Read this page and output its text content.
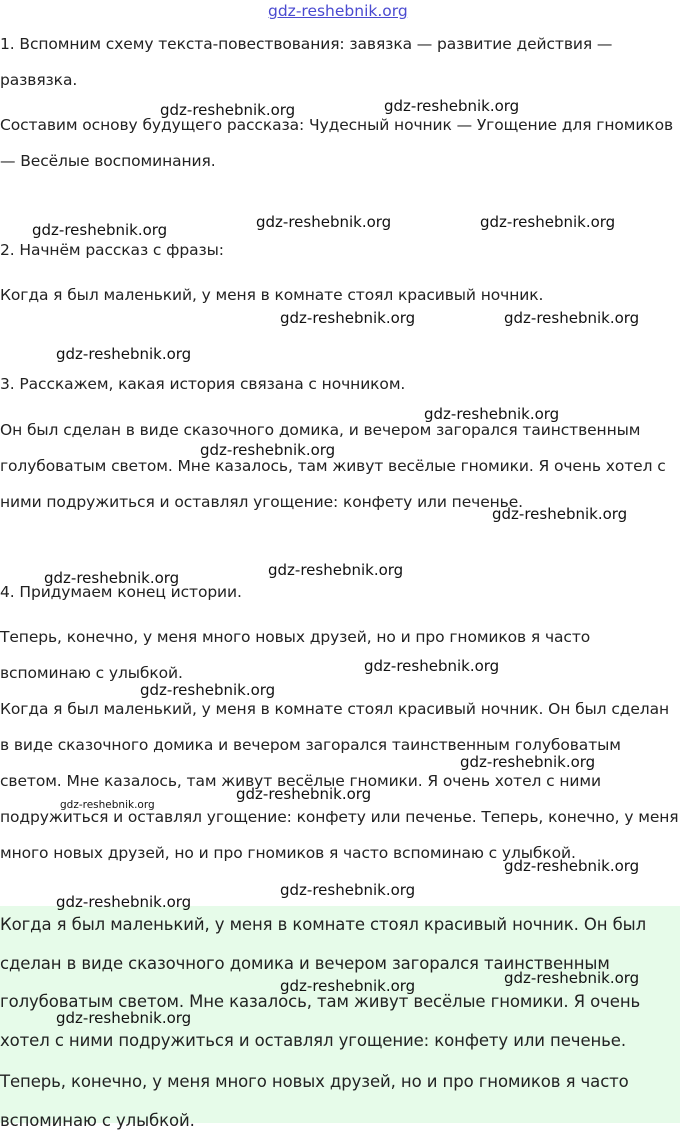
gdz-reshebnik.org

1. Вспомним схему текста-повествования: завязка — развитие действия — развязка.

Составим основу будущего рассказа: Чудесный ночник — Угощение для гномиков — Весёлые воспоминания.

2. Начнём рассказ с фразы:

Когда я был маленький, у меня в комнате стоял красивый ночник.

3. Расскажем, какая история связана с ночником.

Он был сделан в виде сказочного домика, и вечером загорался таинственным голубоватым светом. Мне казалось, там живут весёлые гномики. Я очень хотел с ними подружиться и оставлял угощение: конфету или печенье.

4. Придумаем конец истории.

Теперь, конечно, у меня много новых друзей, но и про гномиков я часто вспоминаю с улыбкой.

Когда я был маленький, у меня в комнате стоял красивый ночник. Он был сделан в виде сказочного домика и вечером загорался таинственным голубоватым светом. Мне казалось, там живут весёлые гномики. Я очень хотел с ними подружиться и оставлял угощение: конфету или печенье. Теперь, конечно, у меня много новых друзей, но и про гномиков я часто вспоминаю с улыбкой.

Когда я был маленький, у меня в комнате стоял красивый ночник. Он был сделан в виде сказочного домика и вечером загорался таинственным голубоватым светом. Мне казалось, там живут весёлые гномики. Я очень хотел с ними подружиться и оставлял угощение: конфету или печенье.

Теперь, конечно, у меня много новых друзей, но и про гномиков я часто вспоминаю с улыбкой.

gdz-reshebnik.org	gdz-reshebnik.org
gdz-reshebnik.org	gdz-reshebnik.org	gdz-reshebnik.org
gdz-reshebnik.org	gdz-reshebnik.org
gdz-reshebnik.org
gdz-reshebnik.org
gdz-reshebnik.org
gdz-reshebnik.org
gdz-reshebnik.org
gdz-reshebnik.org
gdz-reshebnik.org
gdz-reshebnik.org
gdz-reshebnik.org
gdz-reshebnik.org
gdz-reshebnik.org
gdz-reshebnik.org
gdz-reshebnik.org
gdz-reshebnik.org
gdz-reshebnik.org
gdz-reshebnik.org
gdz-reshebnik.org
